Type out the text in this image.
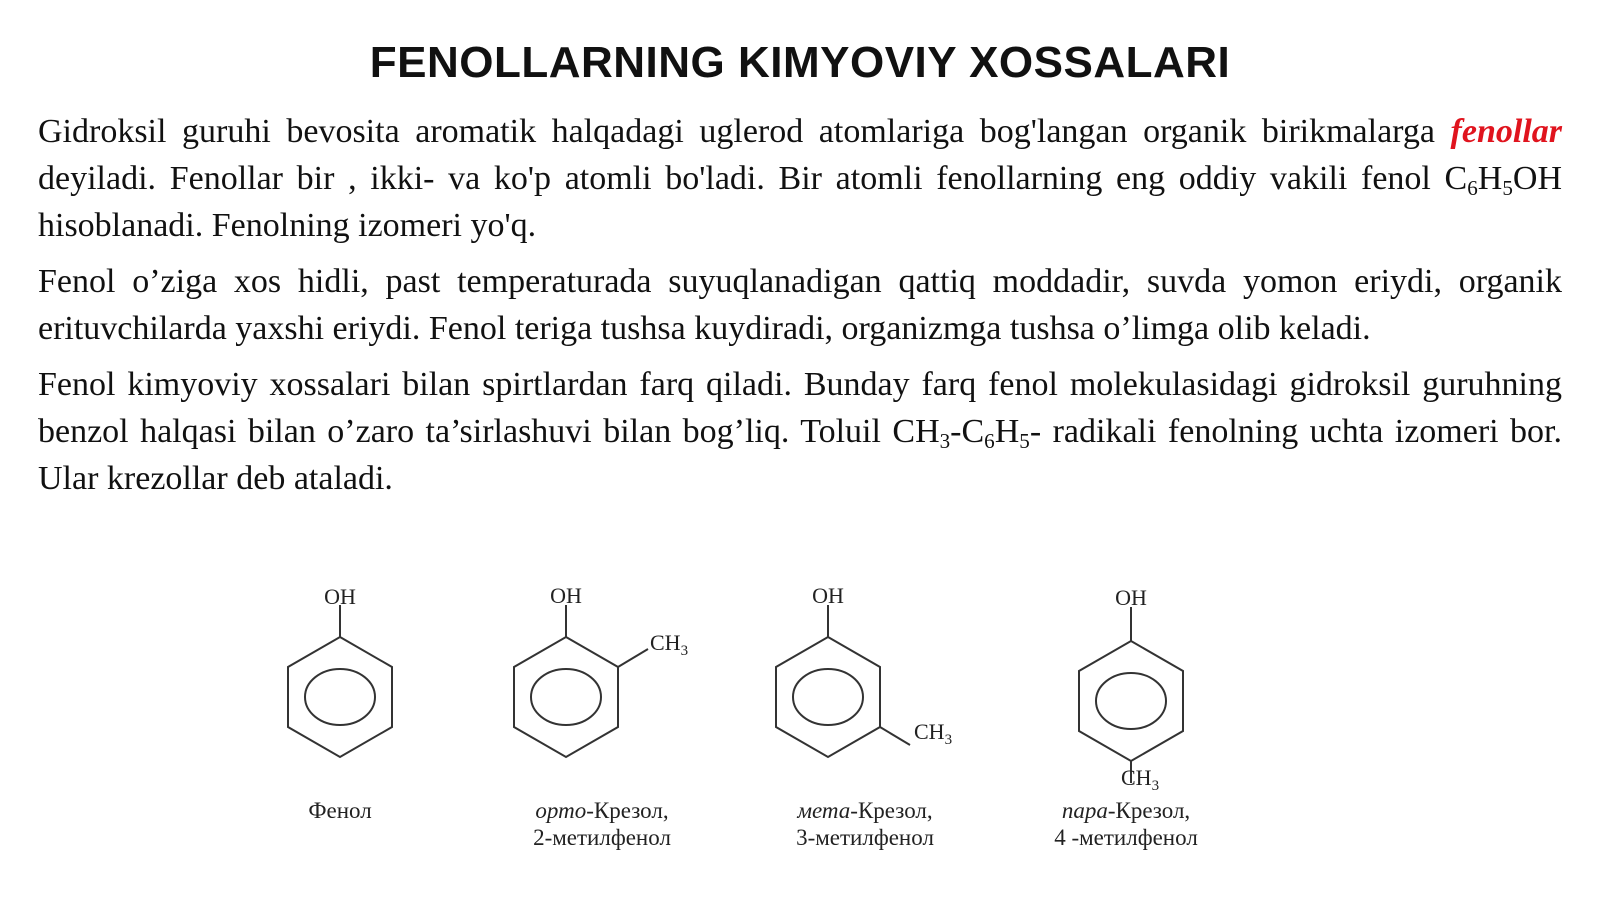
FENOLLARNING KIMYOVIY XOSSALARI

Gidroksil guruhi bevosita aromatik halqadagi uglerod atomlariga bog'langan organik birikmalarga fenollar deyiladi. Fenollar bir , ikki- va ko'p atomli bo'ladi. Bir atomli fenollarning eng oddiy vakili fenol $C_6H_5OH$ hisoblanadi. Fenolning izomeri yo'q.

Fenol o’ziga xos hidli, past temperaturada suyuqlanadigan qattiq moddadir, suvda yomon eriydi, organik erituvchilarda yaxshi eriydi. Fenol teriga tushsa kuydiradi, organizmga tushsa o’limga olib keladi.

Fenol kimyoviy xossalari bilan spirtlardan farq qiladi. Bunday farq fenol molekulasidagi gidroksil guruhning benzol halqasi bilan o’zaro ta’sirlashuvi bilan bog’liq. Toluil $CH_3-C_6H_5-$ radikali fenolning uchta izomeri bor. Ular krezollar deb ataladi.

OH	OH	OH	OH
$CH_3$
$CH_3$
$CH_3$
Фенол	орто-Крезол,
2-метилфенол
мета-Крезол,
3-метилфенол
пара-Крезол,
4 -метилфенол
